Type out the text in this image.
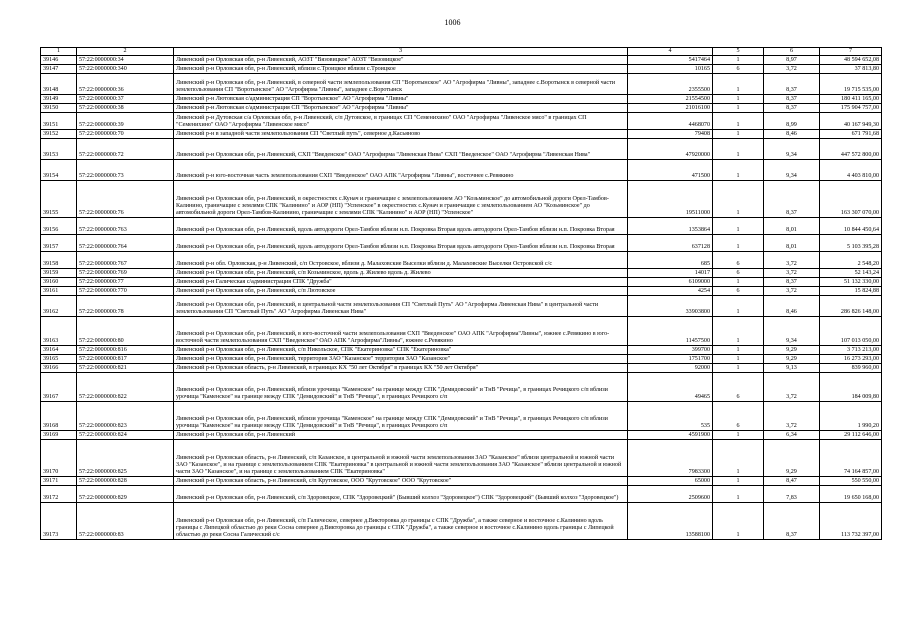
1006
1	2	3	4	5	6	7
39146	57:22:0000000:34	Ливенский р-н Орловская обл, р-н Ливенский, АОЗТ "Вязовицкое" АОЗТ "Вязовицкое"	5417464	1	8,97	48 594 652,08
39147	57:22:0000000:340	Ливенский р-н Орловская обл, р-н Ливенский, вблизи с.Троицкое вблизи с.Троицкое	10165	6	3,72	37 813,80
39148	57:22:0000000:36	Ливенский р-н Орловская обл, р-н Ливенский, в северной части землепользования СП "Воротынское" АО "Агрофирма "Ливны", западнее с.Воротынск в северной части землепользования СП "Воротынское" АО "Агрофирма "Ливны", западнее с.Воротынск	2355500	1	8,37	19 715 535,00
39149	57:22:0000000:37	Ливенский р-н Лютовская с/администрация СП "Воротынское" АО "Агрофирма "Ливны"	21554500	1	8,37	180 411 165,00
39150	57:22:0000000:38	Ливенский р-н Лютовская с/администрация СП "Воротынское" АО "Агрофирма "Ливны"	21016100	1	8,37	175 904 757,00
39151	57:22:0000000:39	Ливенский р-н Дутовская с/а Орловская обл, р-н Ливенский, с/п Дутовское, в границах СП "Семенихино" ОАО "Агрофирма "Ливенское мясо" в границах СП "Семенихино" ОАО "Агрофирма "Ливенское мясо"	4468070	1	8,99	40 167 949,30
39152	57:22:0000000:70	Ливенский р-н в западной части землепользования СП "Светлый путь", северное д.Касьяново	79408	1	8,46	671 791,68
39153	57:22:0000000:72	Ливенский р-н Орловская обл, р-н Ливенский, СХП "Введенское" ОАО "Агрофирма "Ливенская Нива" СХП "Введенское" ОАО "Агрофирма "Ливенская Нива"	47920000	1	9,34	447 572 800,00
39154	57:22:0000000:73	Ливенский р-н юго-восточная часть землепользования СХП "Введенское" ОАО АПК "Агрофирма "Ливны", восточнее с.Ревякино	471500	1	9,34	4 403 810,00
39155	57:22:0000000:76	Ливенский р-н Орловская обл, р-н Ливенский, в окрестностях с.Кунач и граничащие с землепользованием АО "Козьминское" до автомобильной дороги Орел-Тамбов-Калинино, граничащие с землями СПК "Калинино" и АОР (НП) "Успенское" в окрестностях с.Кунач и граничащие с землепользованием АО "Козьминское" до автомобильной дороги Орел-Тамбов-Калинино, граничащие с землями СПК "Калинино" и АОР (НП) "Успенское"	19511000	1	8,37	163 307 070,00
39156	57:22:0000000:763	Ливенский р-н Орловская обл, р-н Ливенский, вдоль автодороги Орел-Тамбов вблизи н.п. Покровка Вторая вдоль автодороги Орел-Тамбов вблизи н.п. Покровка Вторая	1353864	1	8,01	10 844 450,64
39157	57:22:0000000:764	Ливенский р-н Орловская обл, р-н Ливенский, вдоль автодороги Орел-Тамбов вблизи н.п. Покровка Вторая вдоль автодороги Орел-Тамбов вблизи н.п. Покровка Вторая	637128	1	8,01	5 103 395,28
39158	57:22:0000000:767	Ливенский р-н обл. Орловская, р-н Ливенский, с/п Островское, вблизи д. Малаховские Выселки вблизи д. Малаховские Выселки Островской с/с	685	6	3,72	2 548,20
39159	57:22:0000000:769	Ливенский р-н Орловская обл, р-н Ливенский, с/п Козьминское, вдоль д. Жилево вдоль д. Жилево	14017	6	3,72	52 143,24
39160	57:22:0000000:77	Ливенский р-н Галическая с/администрация СПК "Дружба"	6109000	1	8,37	51 132 330,00
39161	57:22:0000000:770	Ливенский р-н Орловская обл, р-н Ливенский, с/п Лютовское	4254	6	3,72	15 824,88
39162	57:22:0000000:78	Ливенский р-н Орловская обл, р-н Ливенский, в центральной части землепользования СП "Светлый Путь" АО "Агрофирма Ливенская Нива" в центральной части землепользования СП "Светлый Путь" АО "Агрофирма Ливенская Нива"	33903800	1	8,46	286 826 148,00
39163	57:22:0000000:80	Ливенский р-н Орловская обл, р-н Ливенский, в юго-восточной части землепользования СХП "Введенское" ОАО АПК "Агрофирма"Ливны", южнее с.Ревякино в юго-восточной части землепользования СХП "Введенское" ОАО АПК "Агрофирма"Ливны", южнее с.Ревякино	11457500	1	9,34	107 013 050,00
39164	57:22:0000000:816	Ливенский р-н Орловская обл, р-н Ливенский, с/п Никольское, СПК "Екатериновка" СПК "Екатериновка"	399700	1	9,29	3 713 213,00
39165	57:22:0000000:817	Ливенский р-н Орловская обл, р-н Ливенский, территория ЗАО "Казанское" территория ЗАО "Казанское"	1751700	1	9,29	16 273 293,00
39166	57:22:0000000:821	Ливенский р-н Орловская область, р-н Ливенский, в границах КХ "50 лет Октября" в границах КХ "50 лет Октября"	92000	1	9,13	839 960,00
39167	57:22:0000000:822	Ливенский р-н Орловская обл, р-н Ливенский, вблизи урочища "Каменское" на границе между СПК "Демидовский" и ТнВ "Речица", в границах Речицкого с/п вблизи урочища "Каменское" на границе между СПК "Демидовский" и ТнВ "Речица", в границах Речицкого с/п	49465	6	3,72	184 009,80
39168	57:22:0000000:823	Ливенский р-н Орловская обл, р-н Ливенский, вблизи урочища "Каменское" на границе между СПК "Демидовский" и ТнВ "Речица", в границах Речицкого с/п вблизи урочища "Каменское" на границе между СПК "Демидовский" и ТнВ "Речица", в границах Речицкого с/п	535	6	3,72	1 990,20
39169	57:22:0000000:824	Ливенский р-н Орловская обл, р-н Ливенский	4591900	1	6,34	29 112 646,00
39170	57:22:0000000:825	Ливенский р-н Орловская область, р-н Ливенский, с/п Казанское, в центральной и южной части землепользования ЗАО "Казанское" вблизи центральной и южной части ЗАО "Казанское", и на границе с землепользованием СПК "Екатериновка" в центральной и южной части землепользования ЗАО "Казанское" вблизи центральной и южной части ЗАО "Казанское", и на границе с землепользованием СПК "Екатериновка"	7983300	1	9,29	74 164 857,00
39171	57:22:0000000:828	Ливенский р-н Орловская область, р-н Ливенский, с/п Крутовское, ООО "Крутовское" ООО "Крутовское"	65000	1	8,47	550 550,00
39172	57:22:0000000:829	Ливенский р-н Орловская обл, р-н Ливенский, с/п Здоровецкое, СПК "Здоровецкий" (Бывший колхоз "Здоровецкое") СПК "Здоровецкий" (Бывший колхоз "Здоровецкое")	2509600	1	7,83	19 650 168,00
39173	57:22:0000000:83	Ливенский р-н Орловская обл, р-н Ливенский, с/п Галическое, севернее д.Викторовка до границы с СПК "Дружба", а также северное и восточное с.Калинино вдоль границы с Липецкой областью до реки Сосна севернее д.Викторовка до границы с СПК "Дружба", а также северное и восточное с.Калинино вдоль границы с Липецкой областью до реки Сосна Галический с/с	13588100	1	8,37	113 732 397,00
